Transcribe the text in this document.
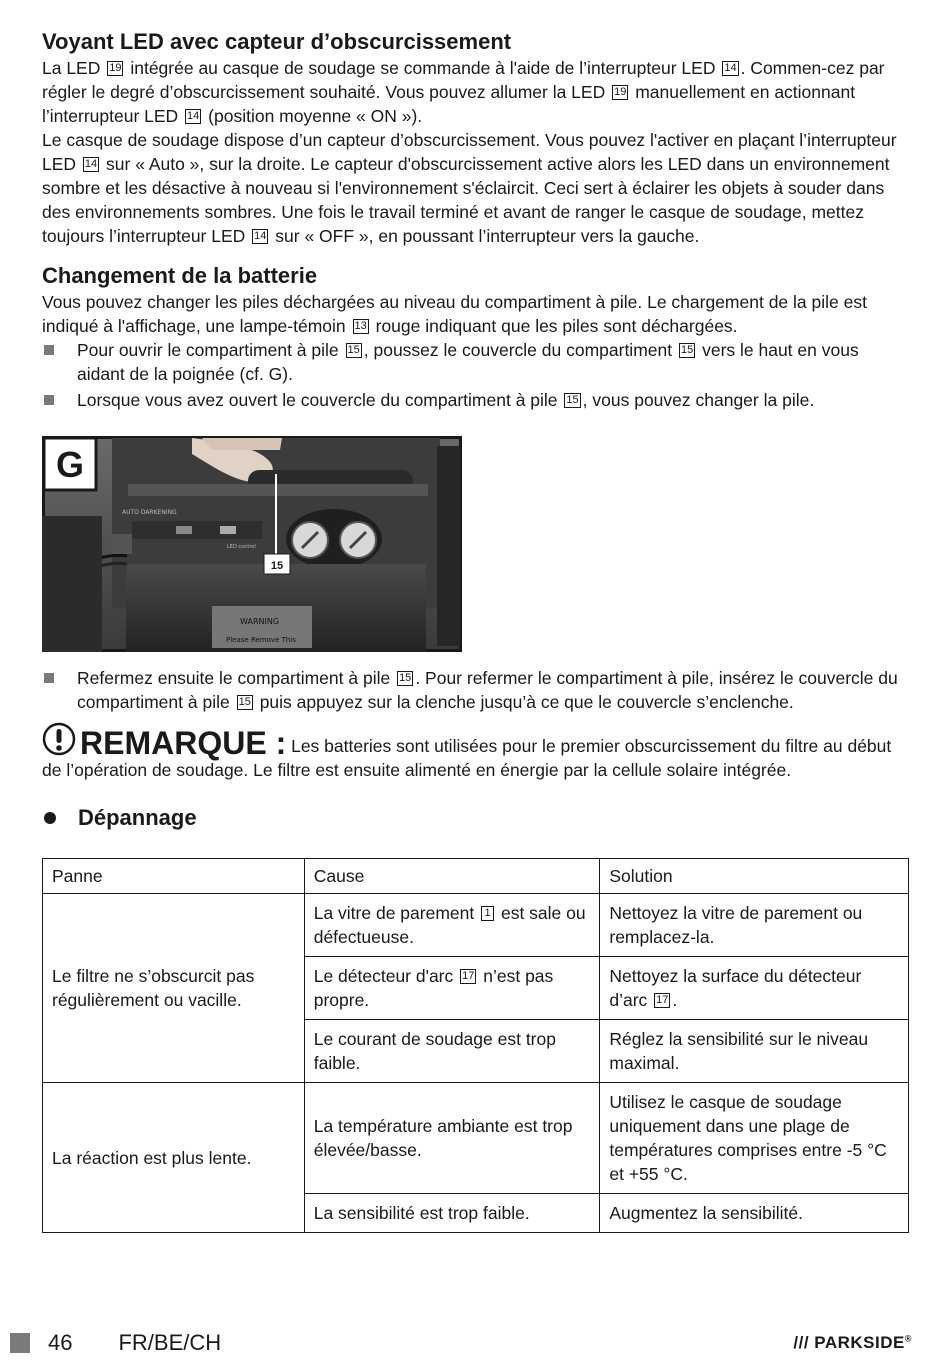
Voyant LED avec capteur d’obscurcissement

La LED 19 intégrée au casque de soudage se commande à l'aide de l’interrupteur LED 14 . Commen-cez par régler le degré d’obscurcissement souhaité. Vous pouvez allumer la LED 19 manuellement en actionnant l’interrupteur LED 14 (position moyenne « ON »).

Le casque de soudage dispose d’un capteur d’obscurcissement. Vous pouvez l'activer en plaçant l’interrupteur LED 14 sur « Auto », sur la droite. Le capteur d'obscurcissement active alors les LED dans un environnement sombre et les désactive à nouveau si l'environnement s'éclaircit. Ceci sert à éclairer les objets à souder dans des environnements sombres. Une fois le travail terminé et avant de ranger le casque de soudage, mettez toujours l’interrupteur LED 14 sur « OFF », en poussant l’interrupteur vers la gauche.

Changement de la batterie

Vous pouvez changer les piles déchargées au niveau du compartiment à pile. Le chargement de la pile est indiqué à l'affichage, une lampe-témoin 13 rouge indiquant que les piles sont déchargées.

Pour ouvrir le compartiment à pile 15 , poussez le couvercle du compartiment 15 vers le haut en vous aidant de la poignée (cf. G).
Lorsque vous avez ouvert le couvercle du compartiment à pile 15 , vous pouvez changer la pile.
AUTO DARKENING
LED control
WARNING
Please Remove This
G
15
Refermez ensuite le compartiment à pile 15 . Pour refermer le compartiment à pile, insérez le couvercle du compartiment à pile 15 puis appuyez sur la clenche jusqu’à ce que le couvercle s’enclenche.
REMARQUE : Les batteries sont utilisées pour le premier obscurcissement du filtre au début de l’opération de soudage. Le filtre est ensuite alimenté en énergie par la cellule solaire intégrée.
Dépannage
Panne	Cause	Solution
Le filtre ne s’obscurcit pas régulièrement ou vacille.	La vitre de parement 1 est sale ou défectueuse.	Nettoyez la vitre de parement ou remplacez-la.
	Le détecteur d'arc 17 n’est pas propre.	Nettoyez la surface du détecteur d’arc 17 .
	Le courant de soudage est trop faible.	Réglez la sensibilité sur le niveau maximal.
La réaction est plus lente.	La température ambiante est trop élevée/basse.	Utilisez le casque de soudage uniquement dans une plage de températures comprises entre -5 °C et +55 °C.
	La sensibilité est trop faible.	Augmentez la sensibilité.
46 FR/BE/CH	/// PARKSIDE®
